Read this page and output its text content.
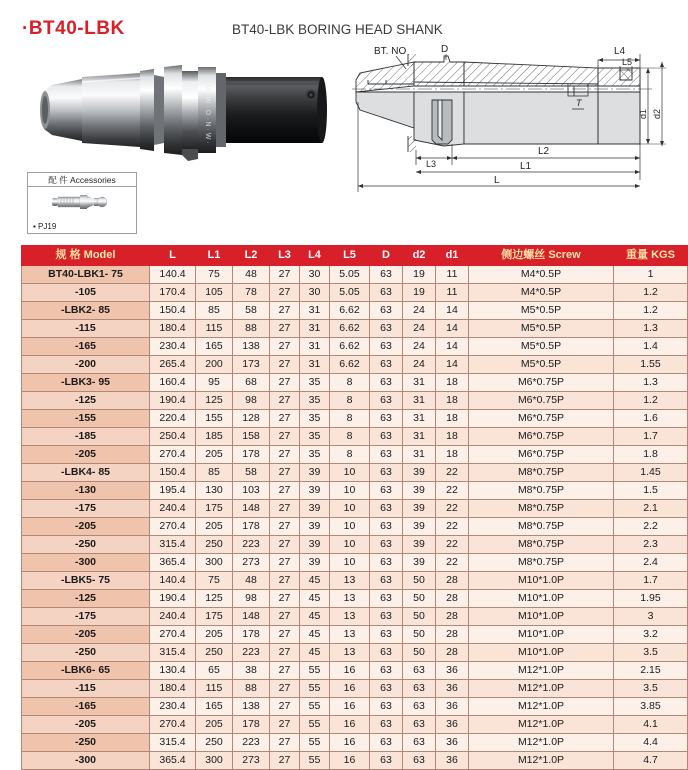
·BT40-LBK	BT40-LBK BORING HEAD SHANK
·M·W·O·N·W·
配 件 Accessories
▪ PJ19
BT. NO	D	L4
L5
T
d1 d2
L3
L2
L1
L
规 格 Model	L	L1	L2	L3	L4	L5	D	d2	d1	侧边螺丝 Screw	重量 KGS
BT40-LBK1- 75	140.4	75	48	27	30	5.05	63	19	11	M4*0.5P	1
-105	170.4	105	78	27	30	5.05	63	19	11	M4*0.5P	1.2
-LBK2- 85	150.4	85	58	27	31	6.62	63	24	14	M5*0.5P	1.2
-115	180.4	115	88	27	31	6.62	63	24	14	M5*0.5P	1.3
-165	230.4	165	138	27	31	6.62	63	24	14	M5*0.5P	1.4
-200	265.4	200	173	27	31	6.62	63	24	14	M5*0.5P	1.55
-LBK3- 95	160.4	95	68	27	35	8	63	31	18	M6*0.75P	1.3
-125	190.4	125	98	27	35	8	63	31	18	M6*0.75P	1.2
-155	220.4	155	128	27	35	8	63	31	18	M6*0.75P	1.6
-185	250.4	185	158	27	35	8	63	31	18	M6*0.75P	1.7
-205	270.4	205	178	27	35	8	63	31	18	M6*0.75P	1.8
-LBK4- 85	150.4	85	58	27	39	10	63	39	22	M8*0.75P	1.45
-130	195.4	130	103	27	39	10	63	39	22	M8*0.75P	1.5
-175	240.4	175	148	27	39	10	63	39	22	M8*0.75P	2.1
-205	270.4	205	178	27	39	10	63	39	22	M8*0.75P	2.2
-250	315.4	250	223	27	39	10	63	39	22	M8*0.75P	2.3
-300	365.4	300	273	27	39	10	63	39	22	M8*0.75P	2.4
-LBK5- 75	140.4	75	48	27	45	13	63	50	28	M10*1.0P	1.7
-125	190.4	125	98	27	45	13	63	50	28	M10*1.0P	1.95
-175	240.4	175	148	27	45	13	63	50	28	M10*1.0P	3
-205	270.4	205	178	27	45	13	63	50	28	M10*1.0P	3.2
-250	315.4	250	223	27	45	13	63	50	28	M10*1.0P	3.5
-LBK6- 65	130.4	65	38	27	55	16	63	63	36	M12*1.0P	2.15
-115	180.4	115	88	27	55	16	63	63	36	M12*1.0P	3.5
-165	230.4	165	138	27	55	16	63	63	36	M12*1.0P	3.85
-205	270.4	205	178	27	55	16	63	63	36	M12*1.0P	4.1
-250	315.4	250	223	27	55	16	63	63	36	M12*1.0P	4.4
-300	365.4	300	273	27	55	16	63	63	36	M12*1.0P	4.7
